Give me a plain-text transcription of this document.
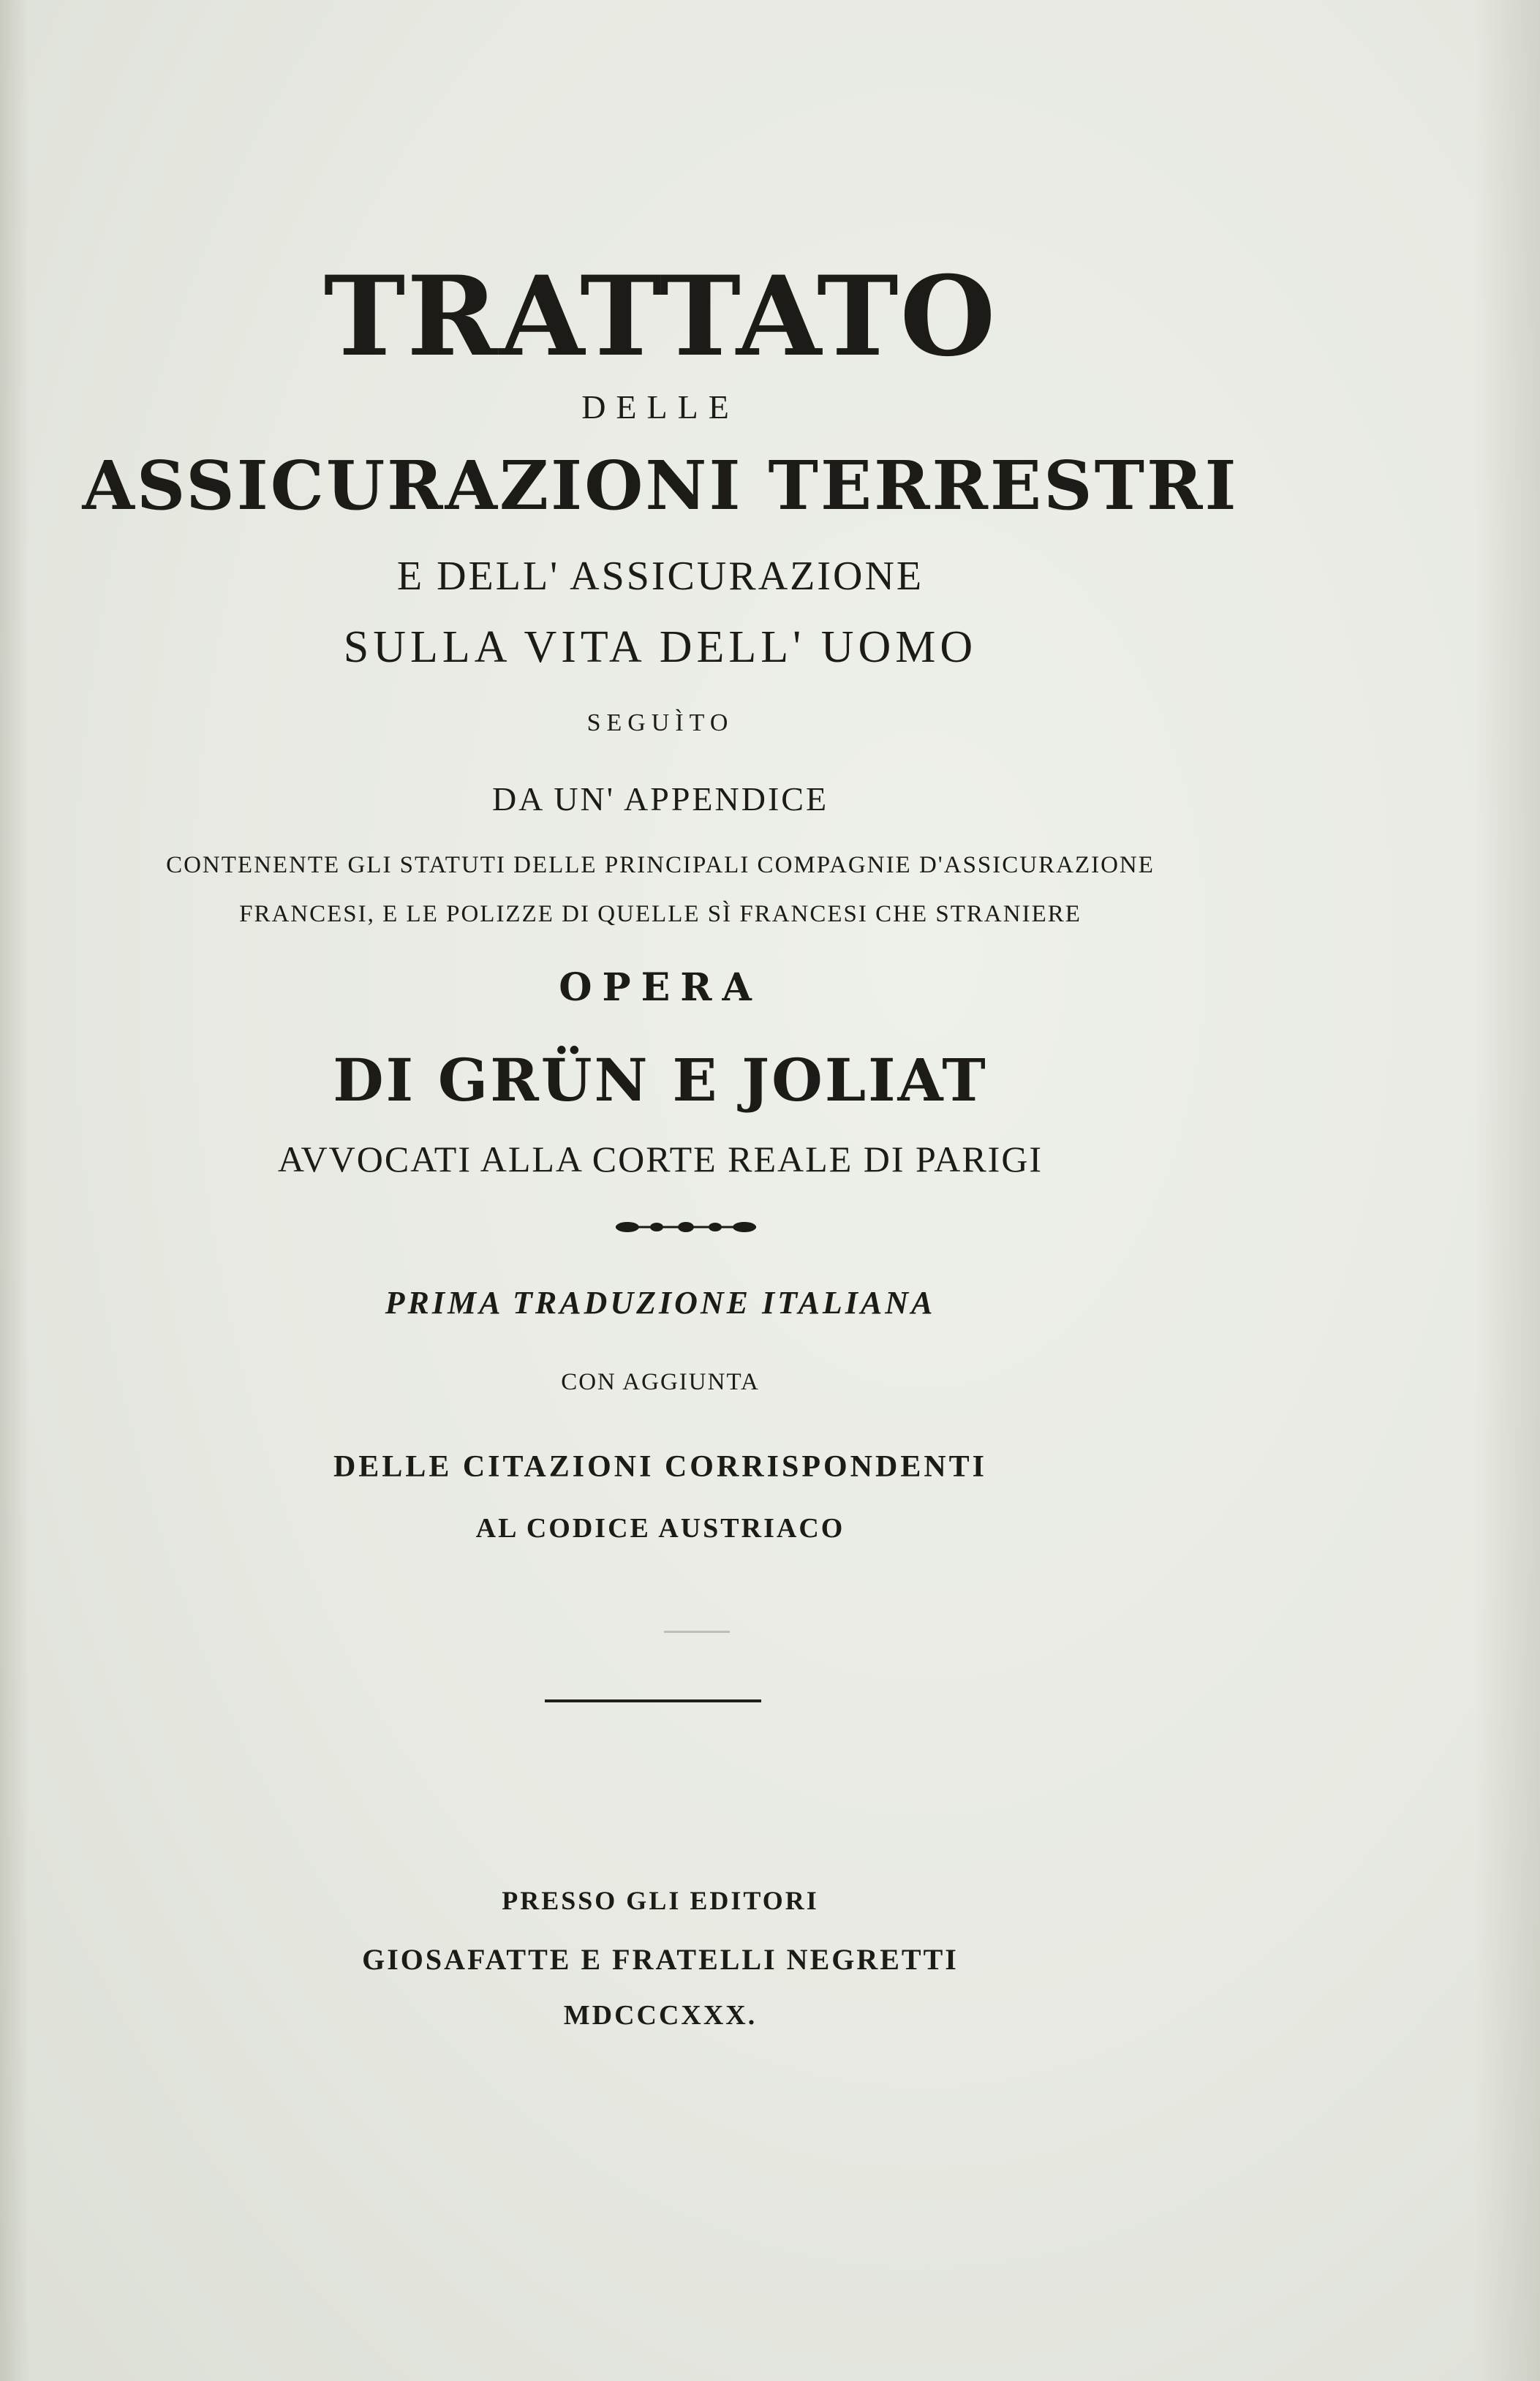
TRATTATO
DELLE
ASSICURAZIONI TERRESTRI
E DELL' ASSICURAZIONE
SULLA VITA DELL' UOMO
SEGUÌTO
DA UN' APPENDICE
CONTENENTE GLI STATUTI DELLE PRINCIPALI COMPAGNIE D'ASSICURAZIONE
FRANCESI, E LE POLIZZE DI QUELLE SÌ FRANCESI CHE STRANIERE
OPERA
DI GRÜN E JOLIAT
AVVOCATI ALLA CORTE REALE DI PARIGI
PRIMA TRADUZIONE ITALIANA
CON AGGIUNTA
DELLE CITAZIONI CORRISPONDENTI
AL CODICE AUSTRIACO
PRESSO GLI EDITORI
GIOSAFATTE E FRATELLI NEGRETTI
MDCCCXXX.
